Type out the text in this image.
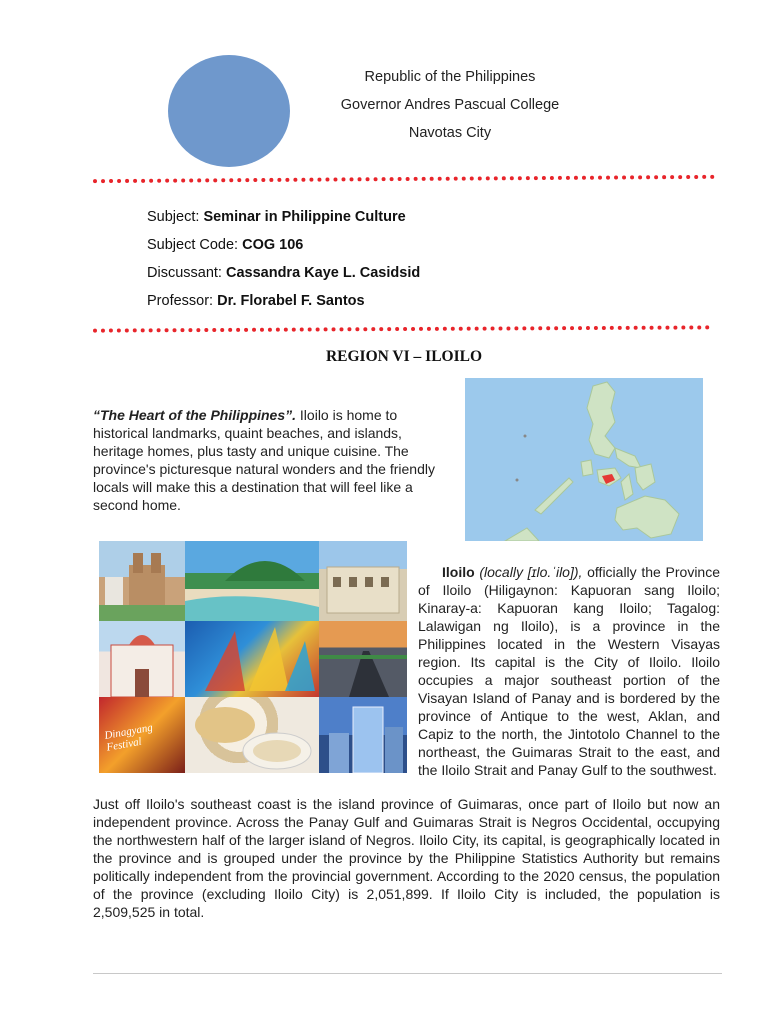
Republic of the Philippines
Governor Andres Pascual College
Navotas City
Subject: Seminar in Philippine Culture
Subject Code: COG 106
Discussant: Cassandra Kaye L. Casidsid
Professor: Dr. Florabel F. Santos
REGION VI – ILOILO
“The Heart of the Philippines”. Iloilo is home to historical landmarks, quaint beaches, and islands, heritage homes, plus tasty and unique cuisine. The province's picturesque natural wonders and the friendly locals will make this a destination that will feel like a second home.
Dinagyang Festival
Iloilo (locally [ɪlo.ˈilo]), officially the Province of Iloilo (Hiligaynon: Kapuoran sang Iloilo; Kinaray-a: Kapuoran kang Iloilo; Tagalog: Lalawigan ng Iloilo), is a province in the Philippines located in the Western Visayas region. Its capital is the City of Iloilo. Iloilo occupies a major southeast portion of the Visayan Island of Panay and is bordered by the province of Antique to the west, Aklan, and Capiz to the north, the Jintotolo Channel to the northeast, the Guimaras Strait to the east, and the Iloilo Strait and Panay Gulf to the southwest.
Just off Iloilo's southeast coast is the island province of Guimaras, once part of Iloilo but now an independent province. Across the Panay Gulf and Guimaras Strait is Negros Occidental, occupying the northwestern half of the larger island of Negros. Iloilo City, its capital, is geographically located in the province and is grouped under the province by the Philippine Statistics Authority but remains politically independent from the provincial government. According to the 2020 census, the population of the province (excluding Iloilo City) is 2,051,899. If Iloilo City is included, the population is 2,509,525 in total.
